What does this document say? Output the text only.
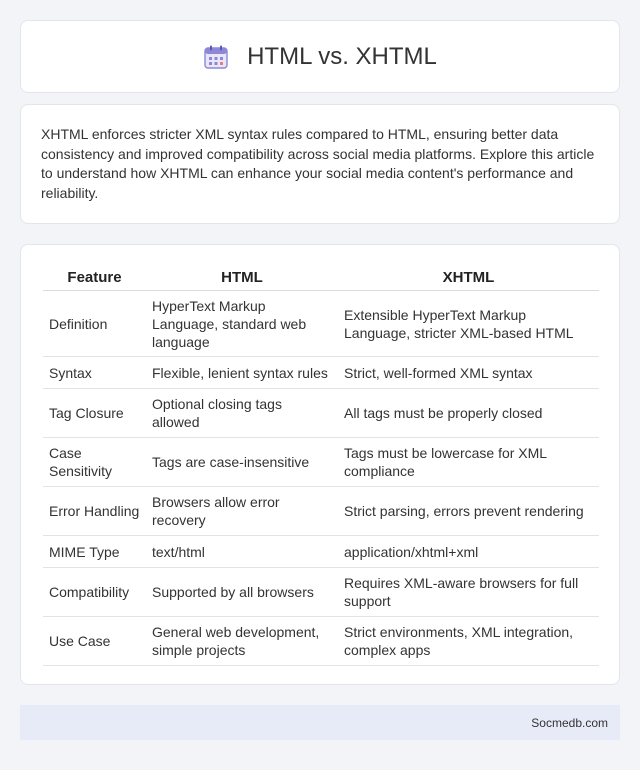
HTML vs. XHTML

XHTML enforces stricter XML syntax rules compared to HTML, ensuring better data consistency and improved compatibility across social media platforms. Explore this article to understand how XHTML can enhance your social media content's performance and reliability.

Feature	HTML	XHTML
Definition	HyperText Markup Language, standard web language	Extensible HyperText Markup Language, stricter XML-based HTML
Syntax	Flexible, lenient syntax rules	Strict, well-formed XML syntax
Tag Closure	Optional closing tags allowed	All tags must be properly closed
Case Sensitivity	Tags are case-insensitive	Tags must be lowercase for XML compliance
Error Handling	Browsers allow error recovery	Strict parsing, errors prevent rendering
MIME Type	text/html	application/xhtml+xml
Compatibility	Supported by all browsers	Requires XML-aware browsers for full support
Use Case	General web development, simple projects	Strict environments, XML integration, complex apps
Socmedb.com
